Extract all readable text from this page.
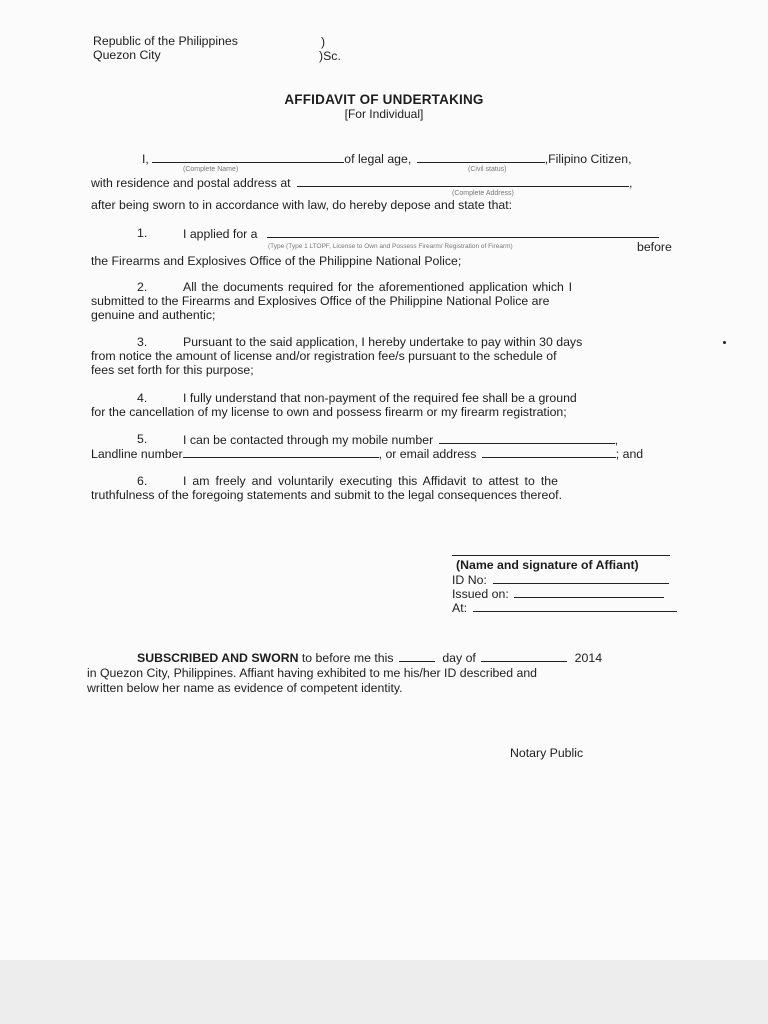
Republic of the Philippines
Quezon City
)
)Sc.
AFFIDAVIT OF UNDERTAKING
[For Individual]
I,	of legal age,	,Filipino Citizen,
(Complete Name)	(Civil status)
with residence and postal address at	,
(Complete Address)
after being sworn to in accordance with law, do hereby depose and state that:
1.	I applied for a
(Type (Type 1 LTOPF, License to Own and Possess Firearm/ Registration of Firearm)	before
the Firearms and Explosives Office of the Philippine National Police;
2.	All the documents required for the aforementioned application which I
submitted to the Firearms and Explosives Office of the Philippine National Police are
genuine and authentic;
3.	Pursuant to the said application, I hereby undertake to pay within 30 days
from notice the amount of license and/or registration fee/s pursuant to the schedule of
fees set forth for this purpose;
4.	I fully understand that non-payment of the required fee shall be a ground
for the cancellation of my license to own and possess firearm or my firearm registration;
5.	I can be contacted through my mobile number	,
Landline number	, or email address	; and
6.	I am freely and voluntarily executing this Affidavit to attest to the
truthfulness of the foregoing statements and submit to the legal consequences thereof.
(Name and signature of Affiant)
ID No:
Issued on:
At:
SUBSCRIBED AND SWORN to before me this	day of	2014
in Quezon City, Philippines. Affiant having exhibited to me his/her ID described and
written below her name as evidence of competent identity.
Notary Public
